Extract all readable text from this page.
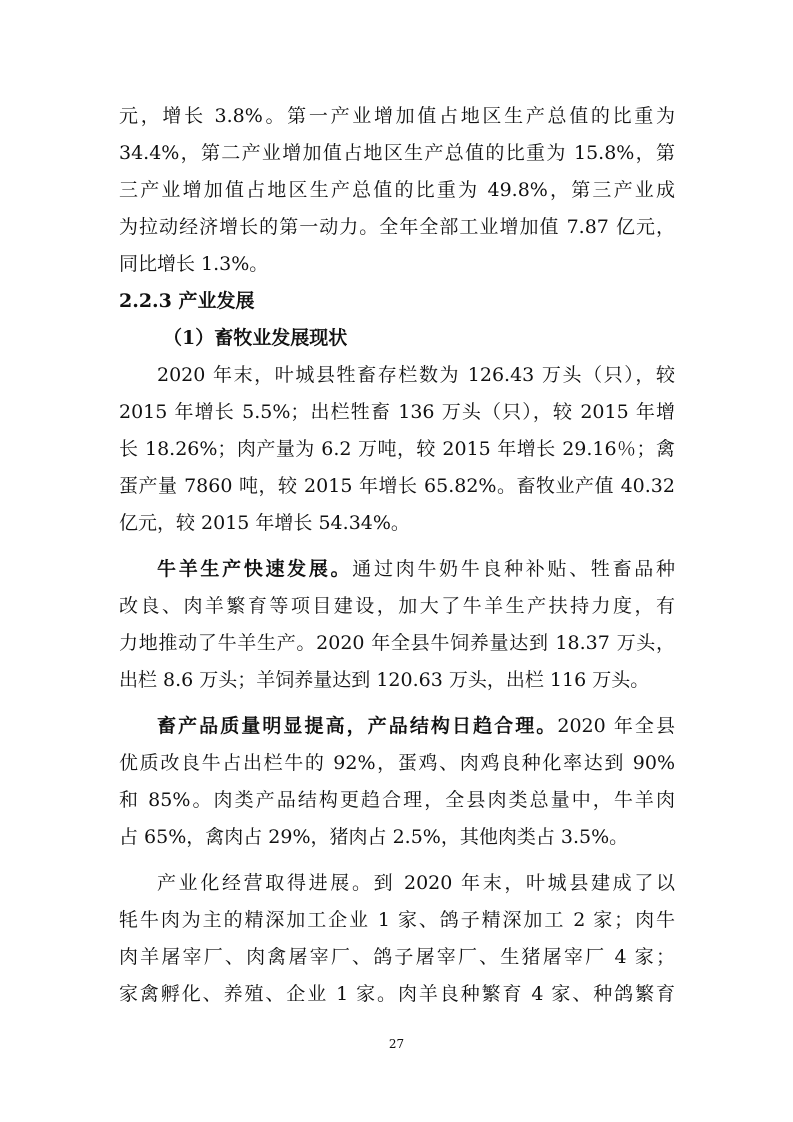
元，增长 3.8%。第一产业增加值占地区生产总值的比重为

34.4%，第二产业增加值占地区生产总值的比重为 15.8%，第

三产业增加值占地区生产总值的比重为 49.8%，第三产业成

为拉动经济增长的第一动力。全年全部工业增加值 7.87 亿元，

同比增长 1.3%。

2.2.3 产业发展

（1）畜牧业发展现状

2020 年末，叶城县牲畜存栏数为 126.43 万头（只），较

2015 年增长 5.5%；出栏牲畜 136 万头（只），较 2015 年增

长 18.26%；肉产量为 6.2 万吨，较 2015 年增长 29.16％；禽

蛋产量 7860 吨，较 2015 年增长 65.82%。畜牧业产值 40.32

亿元，较 2015 年增长 54.34%。

牛羊生产快速发展。通过肉牛奶牛良种补贴、牲畜品种

改良、肉羊繁育等项目建设，加大了牛羊生产扶持力度，有

力地推动了牛羊生产。2020 年全县牛饲养量达到 18.37 万头，

出栏 8.6 万头；羊饲养量达到 120.63 万头，出栏 116 万头。

畜产品质量明显提高，产品结构日趋合理。2020 年全县

优质改良牛占出栏牛的 92%，蛋鸡、肉鸡良种化率达到 90%

和 85%。肉类产品结构更趋合理，全县肉类总量中，牛羊肉

占 65%，禽肉占 29%，猪肉占 2.5%，其他肉类占 3.5%。

产业化经营取得进展。到 2020 年末，叶城县建成了以

牦牛肉为主的精深加工企业 1 家、鸽子精深加工 2 家；肉牛

肉羊屠宰厂、肉禽屠宰厂、鸽子屠宰厂、生猪屠宰厂 4 家；

家禽孵化、养殖、企业 1 家。肉羊良种繁育 4 家、种鸽繁育

27
